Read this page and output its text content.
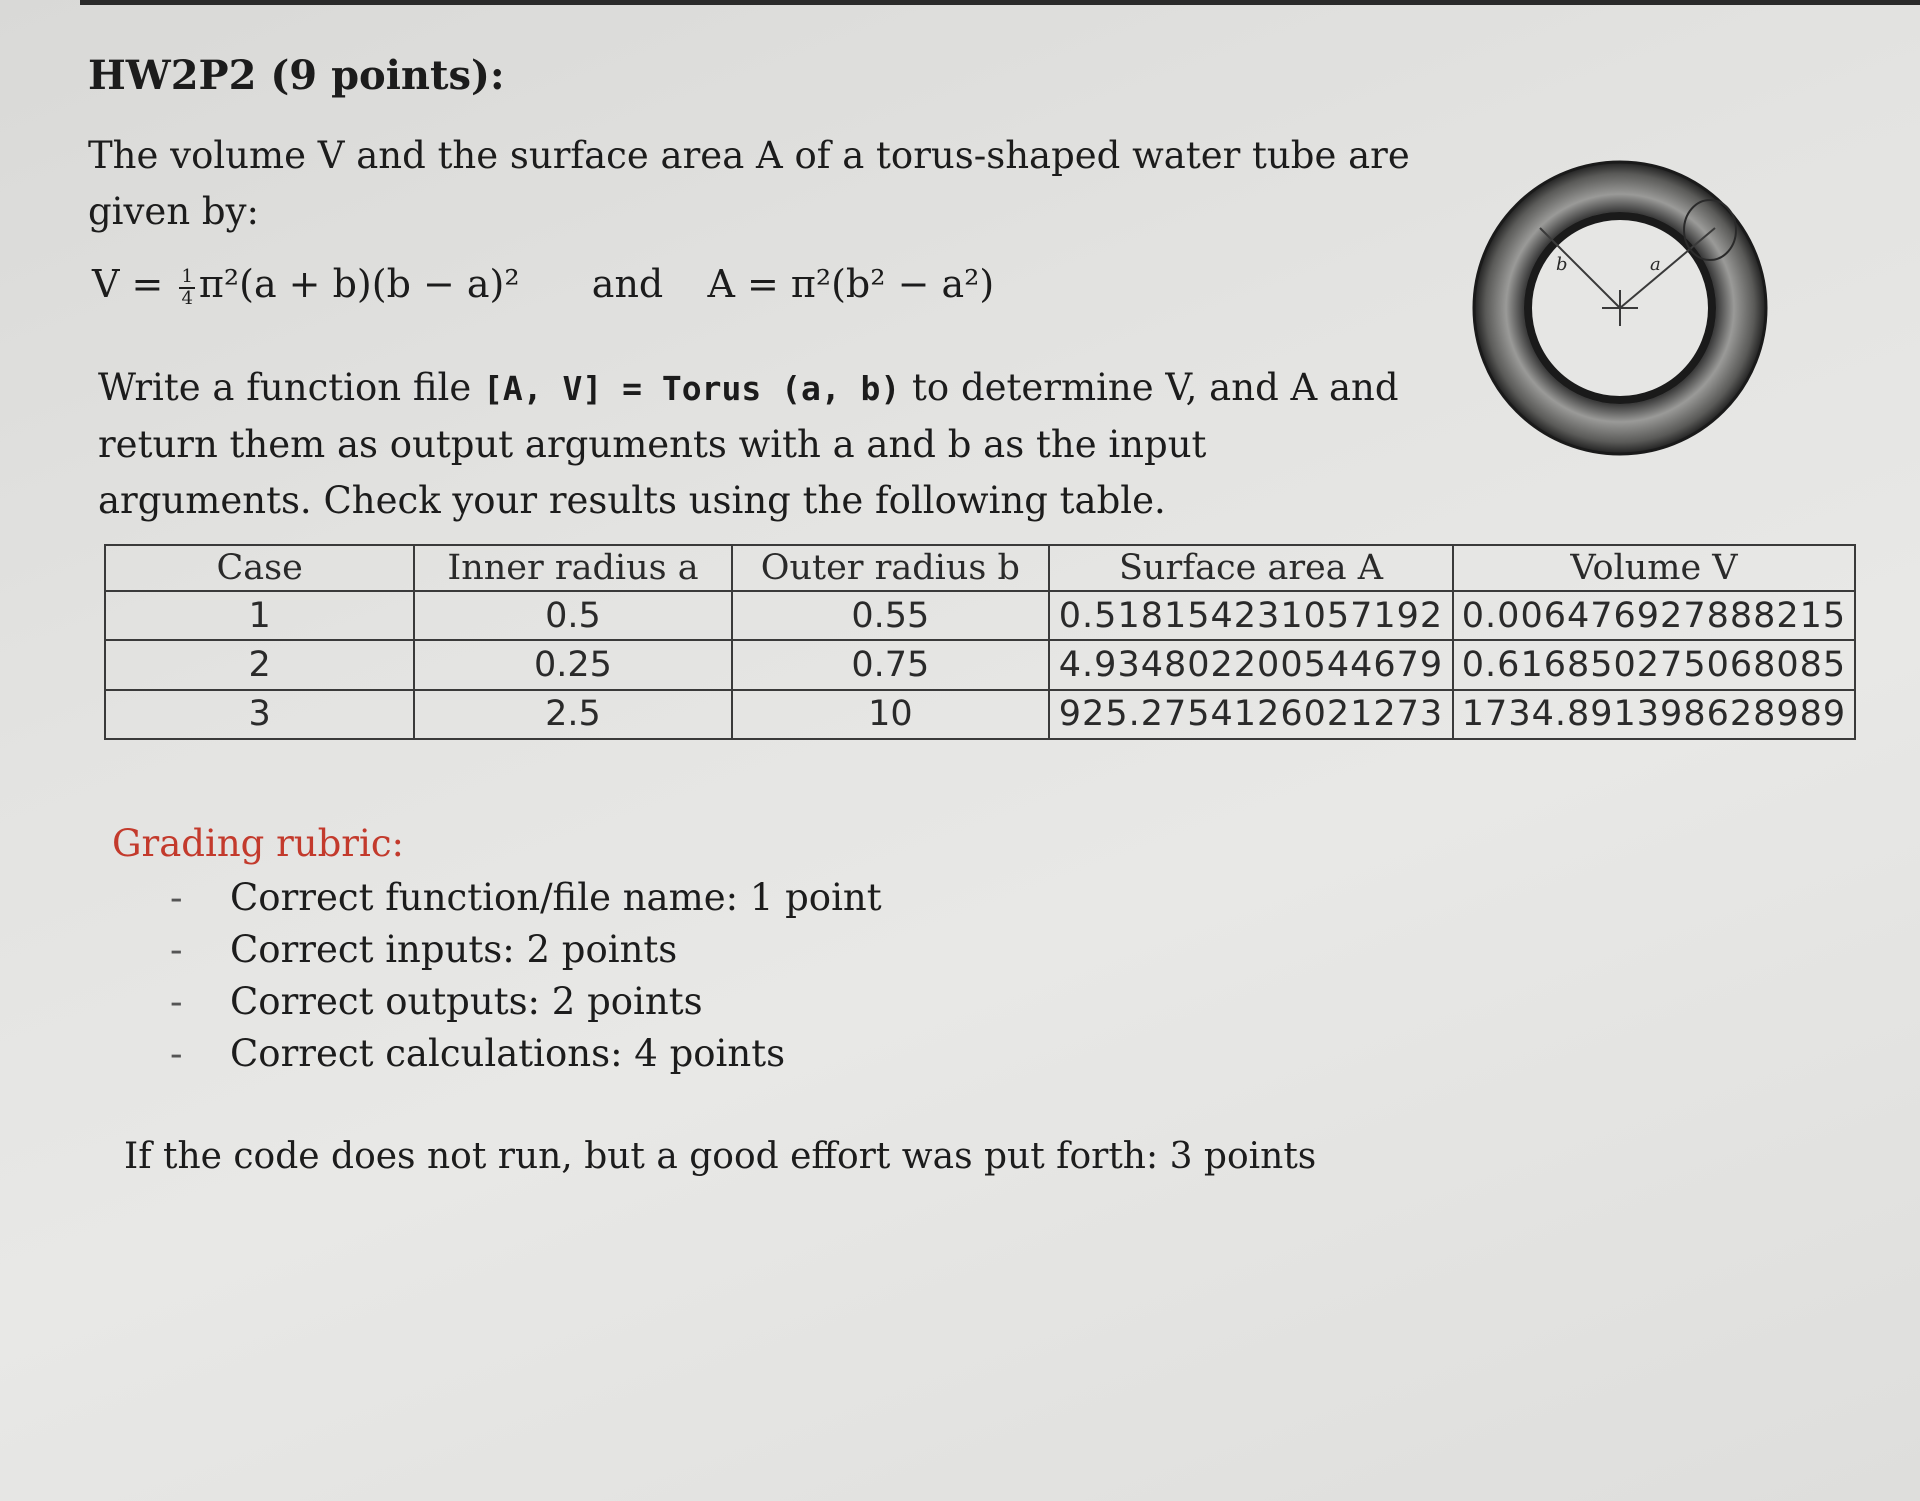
HW2P2 (9 points):
The volume V and the surface area A of a torus-shaped water tube are given by:
$V = \frac{1}{4} \pi^2(a + b)(b - a)^2$ and A = π²(b² − a²)
Write a function file [A, V] = Torus (a, b) to determine V, and A and return them as output arguments with a and b as the input arguments. Check your results using the following table.
b	a
Case	Inner radius a	Outer radius b	Surface area A	Volume V
1	0.5	0.55	0.518154231057192	0.006476927888215
2	0.25	0.75	4.934802200544679	0.616850275068085
3	2.5	10	925.2754126021273	1734.891398628989
Grading rubric:
- Correct function/file name: 1 point
- Correct inputs: 2 points
- Correct outputs: 2 points
- Correct calculations: 4 points
If the code does not run, but a good effort was put forth: 3 points
